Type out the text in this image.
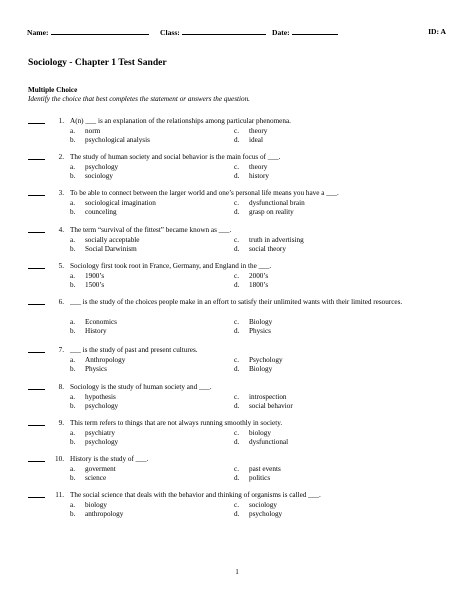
Name:	Class:	Date:	ID: A
Sociology - Chapter 1 Test Sander
Multiple Choice
Identify the choice that best completes the statement or answers the question.
1. A(n) ___ is an explanation of the relationships among particular phenomena.
a.	norm
b.	psychological analysis
c.	theory
d.	ideal
2. The study of human society and social behavior is the main focus of ___.
a.	psychology
b.	sociology
c.	theory
d.	history
3. To be able to connect between the larger world and one’s personal life means you have a ___.
a.	sociological imagination
b.	counceling
c.	dysfunctional brain
d.	grasp on reality
4. The term “survival of the fittest” became known as ___.
a.	socially acceptable
b.	Social Darwinism
c.	truth in advertising
d.	social theory
5. Sociology first took root in France, Germany, and England in the ___.
a.	1900’s
b.	1500’s
c.	2000’s
d.	1800’s
6. ___ is the study of the choices people make in an effort to satisfy their unlimited wants with their limited resources.
a.	Economics
b.	History
c.	Biology
d.	Physics
7. ___ is the study of past and present cultures.
a.	Anthropology
b.	Physics
c.	Psychology
d.	Biology
8. Sociology is the study of human society and ___.
a.	hypothesis
b.	psychology
c.	introspection
d.	social behavior
9. This term refers to things that are not always running smoothly in society.
a.	psychiatry
b.	psychology
c.	biology
d.	dysfunctional
10. History is the study of ___.
a.	goverment
b.	science
c.	past events
d.	politics
11. The social science that deals with the behavior and thinking of organisms is called ___.
a.	biology
b.	anthropology
c.	sociology
d.	psychology
1
